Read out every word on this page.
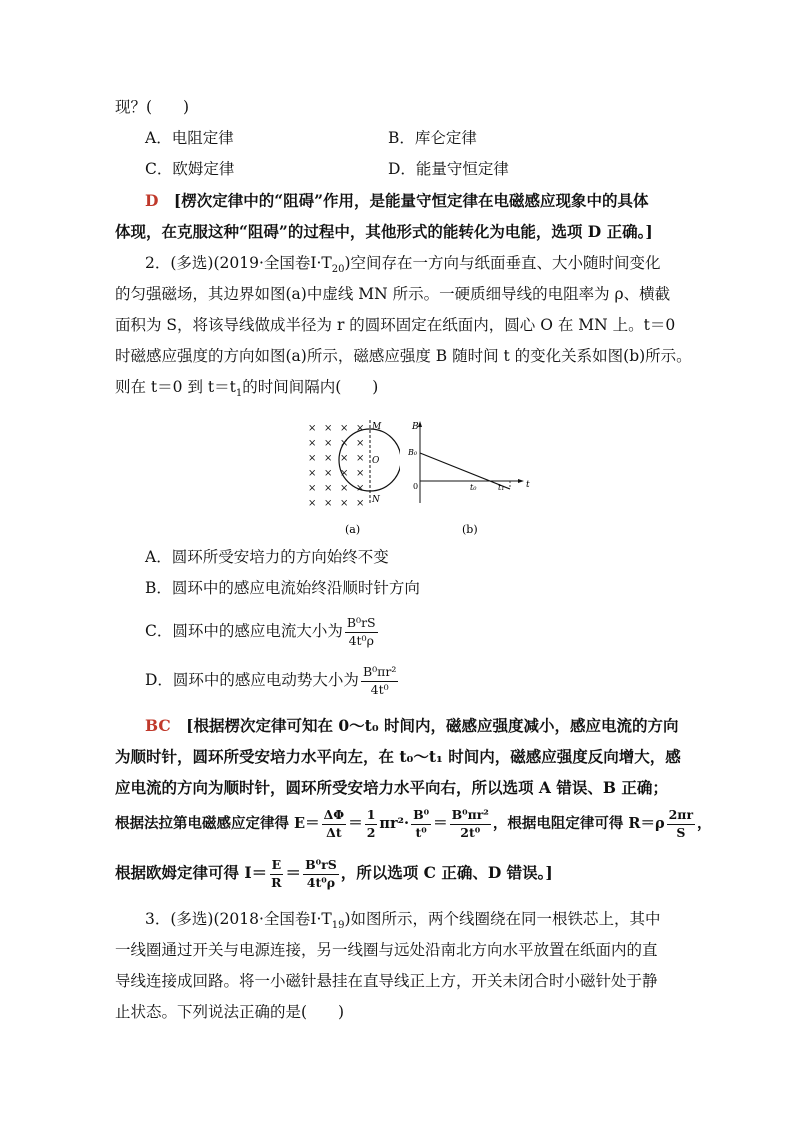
现？(　　)
A．电阻定律	B．库仑定律
C．欧姆定律	D．能量守恒定律
D [楞次定律中的“阻碍”作用，是能量守恒定律在电磁感应现象中的具体
体现，在克服这种“阻碍”的过程中，其他形式的能转化为电能，选项 D 正确。]
2．(多选)(2019·全国卷$Ⅰ\cdot T_{20}$)空间存在一方向与纸面垂直、大小随时间变化
的匀强磁场，其边界如图(a)中虚线 MN 所示。一硬质细导线的电阻率为 ρ、横截
面积为 S，将该导线做成半径为 r 的圆环固定在纸面内，圆心 O 在 MN 上。t＝0
时磁感应强度的方向如图(a)所示，磁感应强度 B 随时间 t 的变化关系如图(b)所示。
则在 t＝0 到 $t=t_1$的时间间隔内(　　)
× × × ×
× × × ×
× × × ×
× × × ×
× × × ×
× × × ×
M
O
N
(a)
B
B₀
0	t₀	t₁ t
(b)
A．圆环所受安培力的方向始终不变
B．圆环中的感应电流始终沿顺时针方向
C．圆环中的感应电流大小为 $\frac{\text{B⁰rS}}{\text{4t⁰ρ}}$
D．圆环中的感应电动势大小为 $\frac{\text{B⁰πr²}}{\text{4t⁰}}$
BC [根据楞次定律可知在 0～t₀ 时间内，磁感应强度减小，感应电流的方向
为顺时针，圆环所受安培力水平向左，在 t₀～t₁ 时间内，磁感应强度反向增大，感
应电流的方向为顺时针，圆环所受安培力水平向右，所以选项 A 错误、B 正确；
根据法拉第电磁感应定律得 $E= \frac{\Delta\Phi}{\Delta t} = \frac{1}{2} \pi r^2\cdot \frac{\text{B⁰}}{\text{t⁰}} = \frac{\text{B⁰πr²}}{\text{2t⁰}}$ ，根据电阻定律可得 $R=\rho \frac{2\pi r}{S}$ ，
根据欧姆定律可得 $I= \frac{E}{R} = \frac{\text{B⁰rS}}{\text{4t⁰ρ}}$ ，所以选项 C 正确、D 错误。]
3．(多选)(2018·全国卷$Ⅰ\cdot T_{19}$)如图所示，两个线圈绕在同一根铁芯上，其中
一线圈通过开关与电源连接，另一线圈与远处沿南北方向水平放置在纸面内的直
导线连接成回路。将一小磁针悬挂在直导线正上方，开关未闭合时小磁针处于静
止状态。下列说法正确的是(　　)
